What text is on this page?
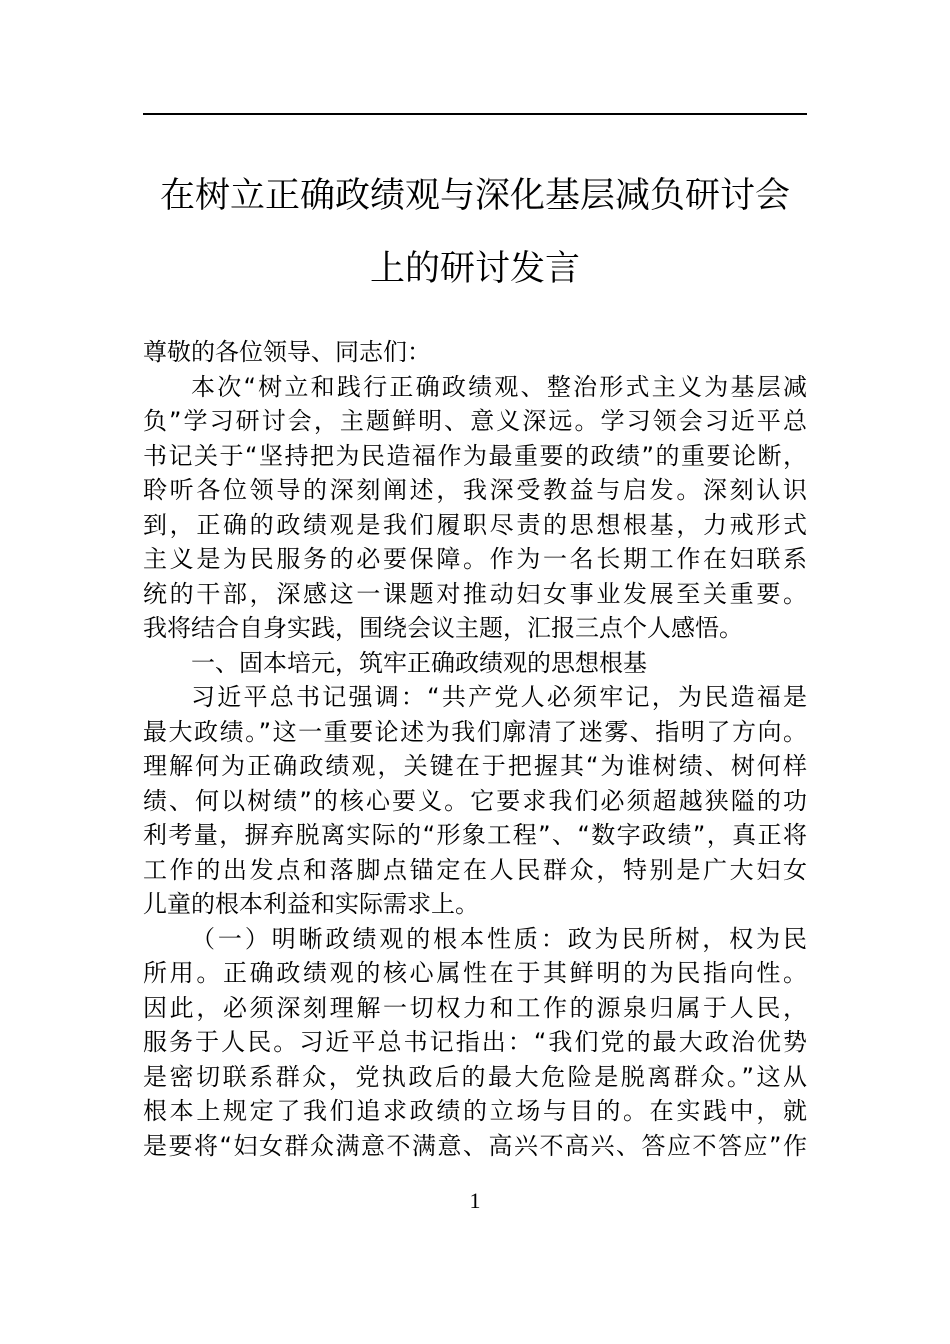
在树立正确政绩观与深化基层减负研讨会
上的研讨发言
尊敬的各位领导、同志们：
本次“树立和践行正确政绩观、整治形式主义为基层减
负”学习研讨会，主题鲜明、意义深远。学习领会习近平总
书记关于“坚持把为民造福作为最重要的政绩”的重要论断，
聆听各位领导的深刻阐述，我深受教益与启发。深刻认识
到，正确的政绩观是我们履职尽责的思想根基，力戒形式
主义是为民服务的必要保障。作为一名长期工作在妇联系
统的干部，深感这一课题对推动妇女事业发展至关重要。
我将结合自身实践，围绕会议主题，汇报三点个人感悟。
一、固本培元，筑牢正确政绩观的思想根基
习近平总书记强调：“共产党人必须牢记，为民造福是
最大政绩。”这一重要论述为我们廓清了迷雾、指明了方向。
理解何为正确政绩观，关键在于把握其“为谁树绩、树何样
绩、何以树绩”的核心要义。它要求我们必须超越狭隘的功
利考量，摒弃脱离实际的“形象工程”、“数字政绩”，真正将
工作的出发点和落脚点锚定在人民群众，特别是广大妇女
儿童的根本利益和实际需求上。
（一）明晰政绩观的根本性质：政为民所树，权为民
所用。正确政绩观的核心属性在于其鲜明的为民指向性。
因此，必须深刻理解一切权力和工作的源泉归属于人民，
服务于人民。习近平总书记指出：“我们党的最大政治优势
是密切联系群众，党执政后的最大危险是脱离群众。”这从
根本上规定了我们追求政绩的立场与目的。在实践中，就
是要将“妇女群众满意不满意、高兴不高兴、答应不答应”作
1
